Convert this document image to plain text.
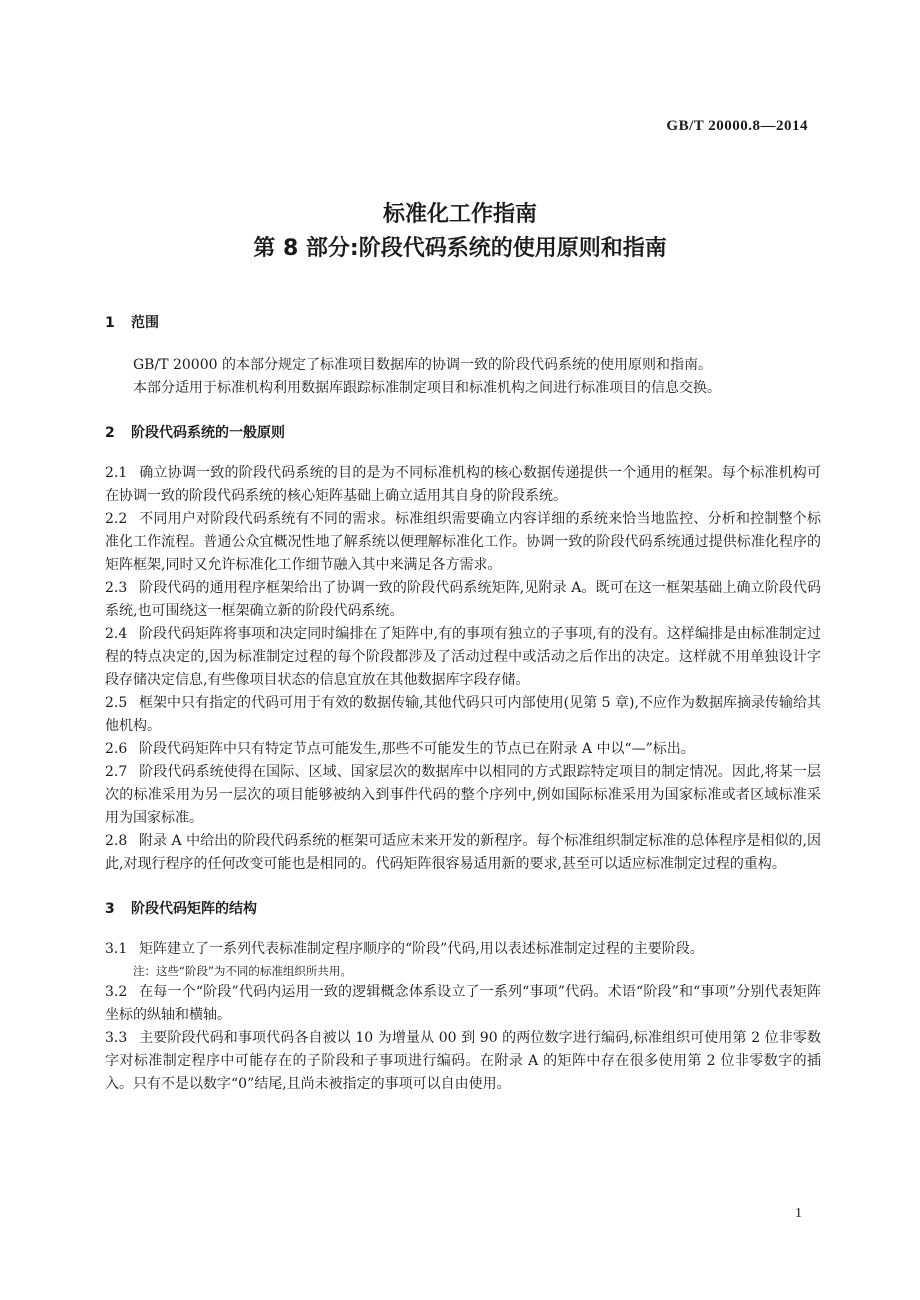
GB/T 20000.8—2014
标准化工作指南
第 8 部分:阶段代码系统的使用原则和指南
1 范围

GB/T 20000 的本部分规定了标准项目数据库的协调一致的阶段代码系统的使用原则和指南。

本部分适用于标准机构利用数据库跟踪标准制定项目和标准机构之间进行标准项目的信息交换。

2 阶段代码系统的一般原则

2.1 确立协调一致的阶段代码系统的目的是为不同标准机构的核心数据传递提供一个通用的框架。每个标准机构可在协调一致的阶段代码系统的核心矩阵基础上确立适用其自身的阶段系统。

2.2 不同用户对阶段代码系统有不同的需求。标准组织需要确立内容详细的系统来恰当地监控、分析和控制整个标准化工作流程。普通公众宜概况性地了解系统以便理解标准化工作。协调一致的阶段代码系统通过提供标准化程序的矩阵框架,同时又允许标准化工作细节融入其中来满足各方需求。

2.3 阶段代码的通用程序框架给出了协调一致的阶段代码系统矩阵,见附录 A。既可在这一框架基础上确立阶段代码系统,也可围绕这一框架确立新的阶段代码系统。

2.4 阶段代码矩阵将事项和决定同时编排在了矩阵中,有的事项有独立的子事项,有的没有。这样编排是由标准制定过程的特点决定的,因为标准制定过程的每个阶段都涉及了活动过程中或活动之后作出的决定。这样就不用单独设计字段存储决定信息,有些像项目状态的信息宜放在其他数据库字段存储。

2.5 框架中只有指定的代码可用于有效的数据传输,其他代码只可内部使用(见第 5 章),不应作为数据库摘录传输给其他机构。

2.6 阶段代码矩阵中只有特定节点可能发生,那些不可能发生的节点已在附录 A 中以“—”标出。

2.7 阶段代码系统使得在国际、区域、国家层次的数据库中以相同的方式跟踪特定项目的制定情况。因此,将某一层次的标准采用为另一层次的项目能够被纳入到事件代码的整个序列中,例如国际标准采用为国家标准或者区域标准采用为国家标准。

2.8 附录 A 中给出的阶段代码系统的框架可适应未来开发的新程序。每个标准组织制定标准的总体程序是相似的,因此,对现行程序的任何改变可能也是相同的。代码矩阵很容易适用新的要求,甚至可以适应标准制定过程的重构。

3 阶段代码矩阵的结构

3.1 矩阵建立了一系列代表标准制定程序顺序的“阶段”代码,用以表述标准制定过程的主要阶段。

注：这些“阶段”为不同的标准组织所共用。

3.2 在每一个“阶段”代码内运用一致的逻辑概念体系设立了一系列“事项”代码。术语“阶段”和“事项”分别代表矩阵坐标的纵轴和横轴。

3.3 主要阶段代码和事项代码各自被以 10 为增量从 00 到 90 的两位数字进行编码,标准组织可使用第 2 位非零数字对标准制定程序中可能存在的子阶段和子事项进行编码。在附录 A 的矩阵中存在很多使用第 2 位非零数字的插入。只有不是以数字“0”结尾,且尚未被指定的事项可以自由使用。

1
